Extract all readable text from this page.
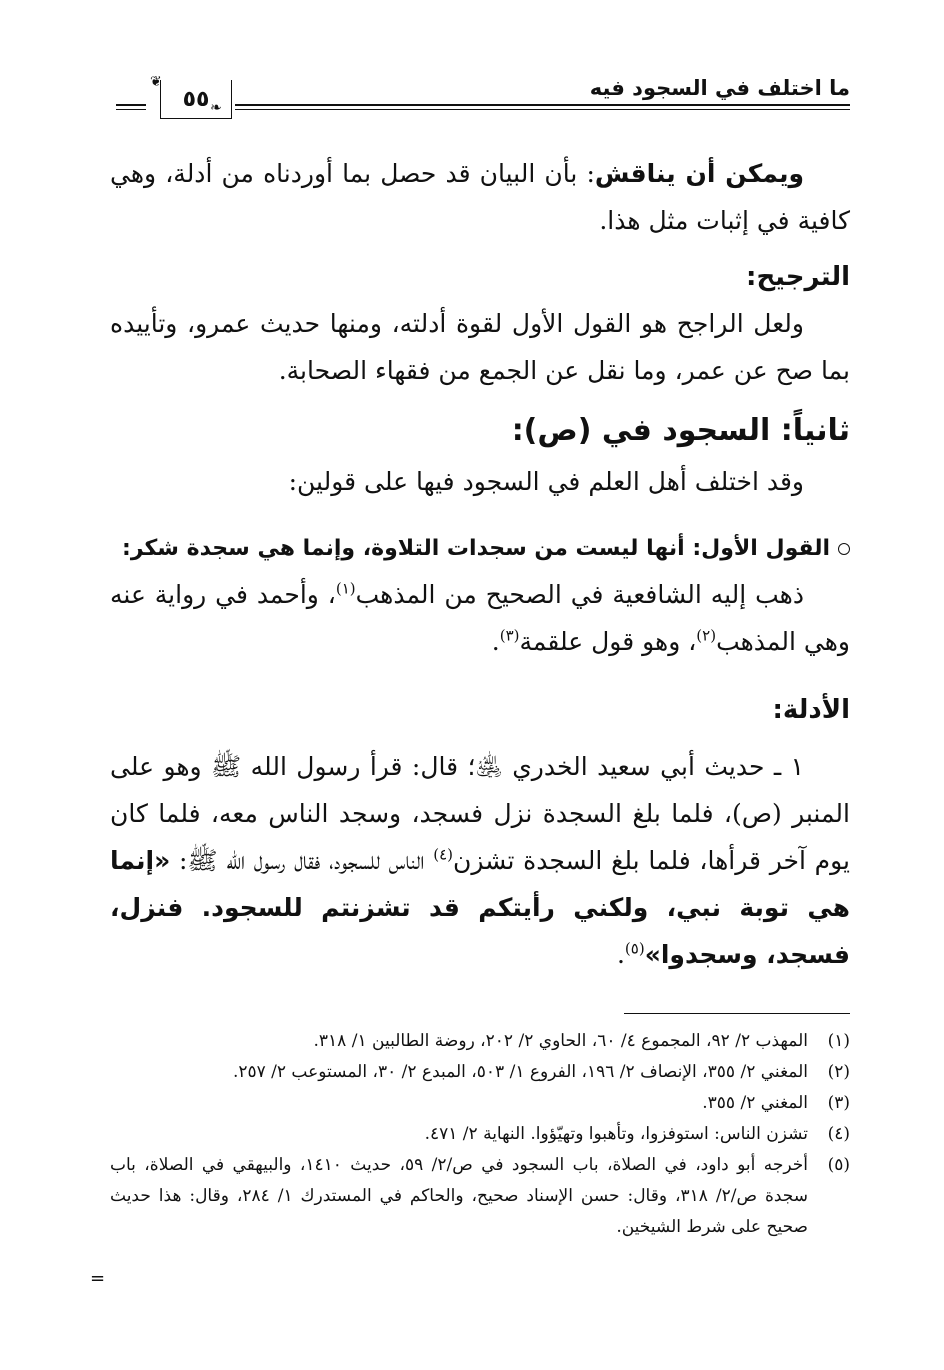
ما اختلف في السجود فيه
❦
٥٥ ❧

ويمكن أن يناقش: بأن البيان قد حصل بما أوردناه من أدلة، وهي كافية في إثبات مثل هذا.

الترجيح:

ولعل الراجح هو القول الأول لقوة أدلته، ومنها حديث عمرو، وتأييده بما صح عن عمر، وما نقل عن الجمع من فقهاء الصحابة.

ثانياً: السجود في (ص):

وقد اختلف أهل العلم في السجود فيها على قولين:

القول الأول: أنها ليست من سجدات التلاوة، وإنما هي سجدة شكر:

ذهب إليه الشافعية في الصحيح من المذهب$^{(١)}$، وأحمد في رواية عنه وهي المذهب$^{(٢)}$، وهو قول علقمة$^{(٣)}$.

الأدلة:

١ ـ حديث أبي سعيد الخدري ﵁؛ قال: قرأ رسول الله ﷺ وهو على المنبر (ص)، فلما بلغ السجدة نزل فسجد، وسجد الناس معه، فلما كان يوم آخر قرأها، فلما بلغ السجدة تشزن$^{(٤)}$ الناس للسجود، فقال رسول الله ﷺ: «إنما هي توبة نبي، ولكني رأيتكم قد تشزنتم للسجود. فنزل، فسجد، وسجدوا»$^{(٥)}$.

(١)
المهذب ٢/ ٩٢، المجموع ٤/ ٦٠، الحاوي ٢/ ٢٠٢، روضة الطالبين ١/ ٣١٨.
(٢)
المغني ٢/ ٣٥٥، الإنصاف ٢/ ١٩٦، الفروع ١/ ٥٠٣، المبدع ٢/ ٣٠، المستوعب ٢/ ٢٥٧.
(٣)
المغني ٢/ ٣٥٥.
(٤)
تشزن الناس: استوفزوا، وتأهبوا وتهيّؤوا. النهاية ٢/ ٤٧١.
(٥)
أخرجه أبو داود، في الصلاة، باب السجود في ص/٢/ ٥٩، حديث ١٤١٠، والبيهقي في الصلاة، باب سجدة ص/٢/ ٣١٨، وقال: حسن الإسناد صحيح، والحاكم في المستدرك ١/ ٢٨٤، وقال: هذا حديث صحيح على شرط الشيخين.
=
